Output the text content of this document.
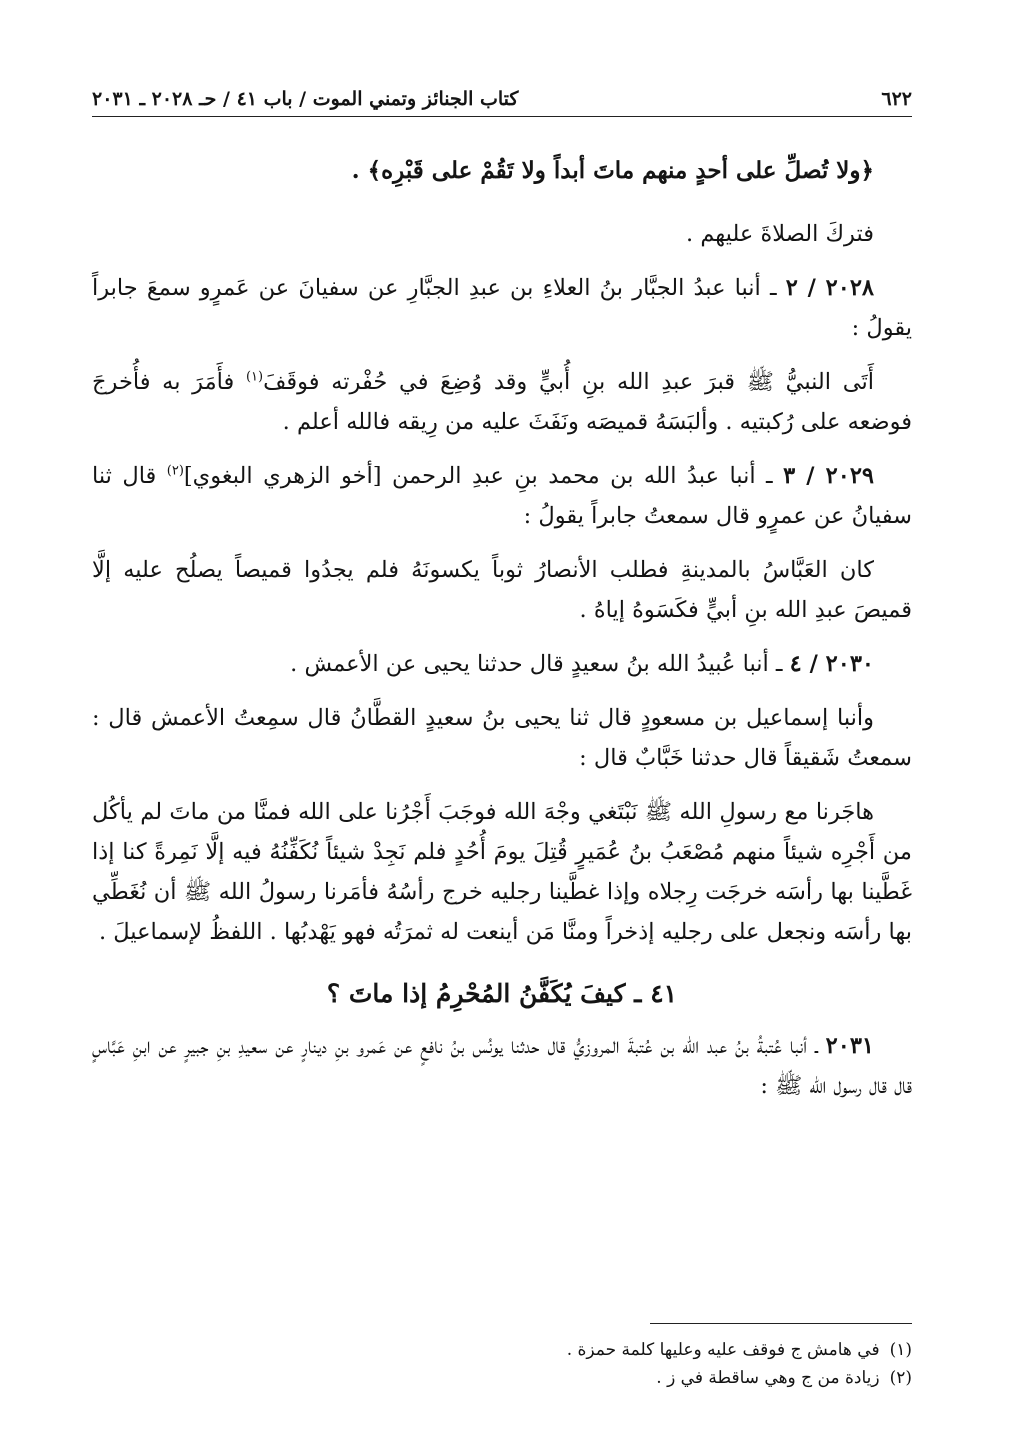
٦٢٢
كتاب الجنائز وتمني الموت / باب ٤١ / حـ ٢٠٢٨ ـ ٢٠٣١

﴿ولا تُصلِّ على أحدٍ منهم ماتَ أبداً ولا تَقُمْ على قَبْرِه﴾ .

فتركَ الصلاةَ عليهم .

٢٠٢٨ / ٢ ـ أنبا عبدُ الجبَّار بنُ العلاءِ بن عبدِ الجبَّارِ عن سفيانَ عن عَمرٍو سمعَ جابراً يقولُ :

أَتَى النبيُّ ﷺ قبرَ عبدِ الله بنِ أُبيٍّ وقد وُضِعَ في حُفْرته فوقَفَ$^{(١)}$ فأَمَرَ به فأُخرجَ فوضعه على رُكبتيه . وألبَسَهُ قميصَه ونَفَثَ عليه من رِيقه فالله أعلم .

٢٠٢٩ / ٣ ـ أنبا عبدُ الله بن محمد بنِ عبدِ الرحمن [أخو الزهري البغوي]$^{(٢)}$ قال ثنا سفيانُ عن عمرٍو قال سمعتُ جابراً يقولُ :

كان العَبَّاسُ بالمدينةِ فطلب الأنصارُ ثوباً يكسونَهُ فلم يجدُوا قميصاً يصلُح عليه إلَّا قميصَ عبدِ الله بنِ أبيٍّ فكَسَوهُ إياهُ .

٢٠٣٠ / ٤ ـ أنبا عُبيدُ الله بنُ سعيدٍ قال حدثنا يحيى عن الأعمش .

وأنبا إسماعيل بن مسعودٍ قال ثنا يحيى بنُ سعيدٍ القطَّانُ قال سمِعتُ الأعمش قال : سمعتُ شَقيقاً قال حدثنا خَبَّابٌ قال :

هاجَرنا مع رسولِ الله ﷺ نَبْتَغي وجْهَ الله فوجَبَ أَجْرُنا على الله فمنَّا من ماتَ لم يأكُل من أَجْرِه شيئاً منهم مُصْعَبُ بنُ عُمَيرٍ قُتِلَ يومَ أُحُدٍ فلم نَجِدْ شيئاً نُكَفِّنُهُ فيه إلَّا نَمِرةً كنا إذا غَطَّينا بها رأسَه خرجَت رِجلاه وإذا غطَّينا رجليه خرج رأسُهُ فأمَرنا رسولُ الله ﷺ أن نُغَطِّي بها رأسَه ونجعل على رجليه إذخراً ومنَّا مَن أينعت له ثمرَتُه فهو يَهْدبُها . اللفظُ لإسماعيلَ .

٤١ ـ كيفَ يُكَفَّنُ المُحْرِمُ إذا ماتَ ؟

٢٠٣١ ـ أنبا عُتبةُ بنُ عبد الله بن عُتبةَ المروزيُّ قال حدثنا يونُس بنُ نافعٍ عن عَمرو بنِ دينارٍ عن سعيدِ بنِ جبيرٍ عن ابنِ عَبَّاسٍ قال قال رسول الله ﷺ :

(١)في هامش ج فوقف عليه وعليها كلمة حمزة .

(٢)زيادة من ج وهي ساقطة في ز .
